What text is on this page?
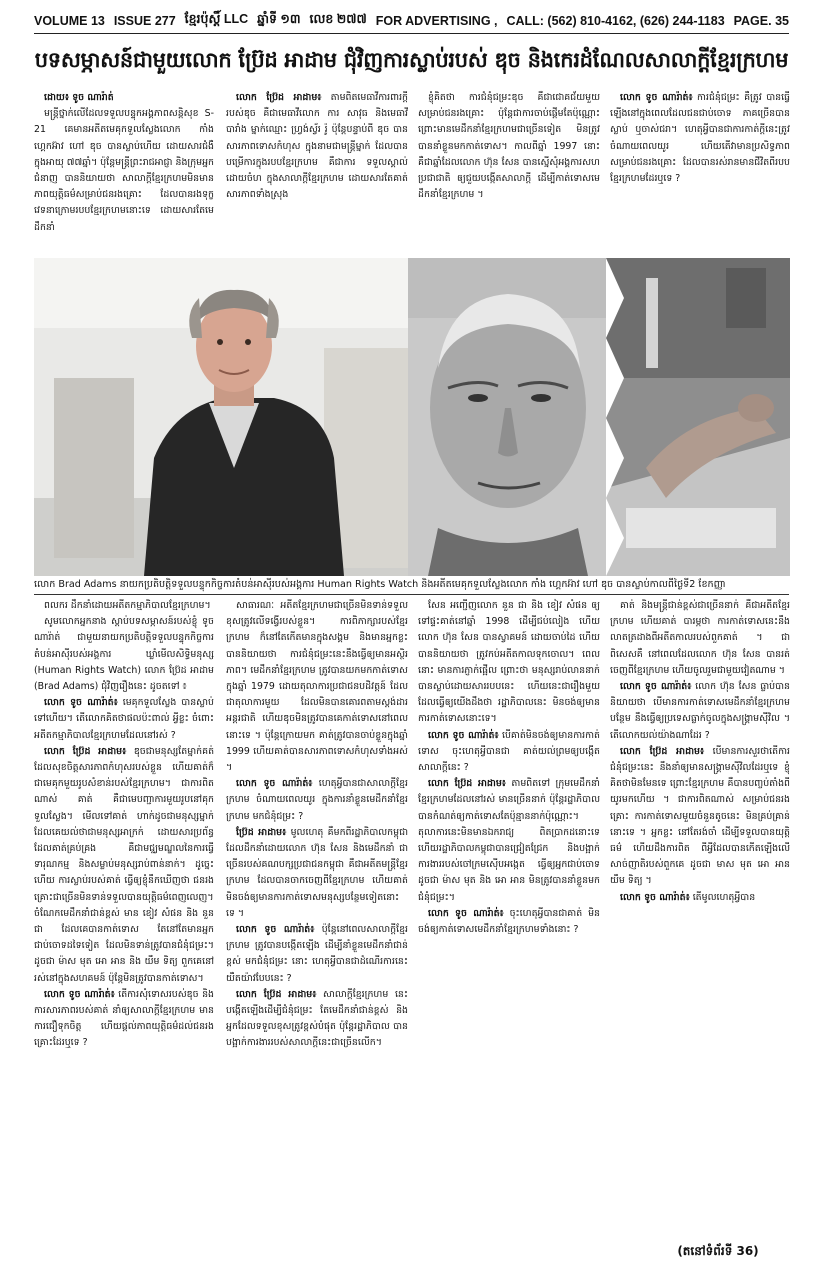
VOLUME 13 ISSUE 277 ខ្មែរប៉ុស្តិ៍ LLC ឆ្នាំទី ១៣ លេខ ២៧៧ FOR ADVERTISING , CALL: (562) 810-4162, (626) 244-1183 PAGE. 35
បទសម្ភាសន៍ជាមួយលោក ប្រ៊ែដ អាដាម ជុំវិញការស្លាប់របស់ ឌុច និងកេរដំណែលសាលាក្តីខ្មែរក្រហម

ដោយ៖ ទូច ណារ៉ាត់

មន្ត្រីថ្នាក់លើដែលទទួលបន្ទុកអង្គភាពសន្តិសុខ S-21 គេមានអតីតមេគុកទួលស្លែងលោក កាំង ហ្គេកអ៊ាវ ហៅ ឌុច បានស្លាប់ហើយ ដោយសារជំងឺ ក្នុងអាយុ ៧៧ឆ្នាំ។ ប៉ុន្តែមន្ត្រីព្រះរាជអាជ្ញា និងក្រុមអ្នកជំនាញ បាននិយាយថា សាលាក្តីខ្មែរក្រហមមិនមានភាពយុត្តិធម៌សម្រាប់ជនរងគ្រោះ ដែលបានរងទុក្ខវេទនាក្រោមរបបខ្មែរក្រហមនោះទេ ដោយសារតែមេដឹកនាំ

លោក ប្រ៊ែដ អាដាម៖ តាមពិតមេធាវីការពារក្តីរបស់ឌុច គឺជាមេធាវីលោក ការ សាវុធ និងមេធាវីបារាំង ម្នាក់ឈ្មោះ ហ្វ្រង់ស្វ័រ រ៉ូ ប៉ុន្តែបន្ទាប់ពី ឌុច បានសារភាពទោសកំហុស ក្នុងនាមជាមន្ត្រីម្នាក់ ដែលបានបម្រើការក្នុងរបបខ្មែរក្រហម គឺជាការ ទទួលស្គាល់ដោយចំហ ក្នុងសាលាក្តីខ្មែរក្រហម ដោយសារតែគាត់សារភាពទាំងស្រុង

ខ្ញុំគិតថា ការជំនុំជម្រះឌុច គឺជាជោគជ័យមួយសម្រាប់ជនរងគ្រោះ ប៉ុន្តែជាការចាប់ផ្តើមតែប៉ុណ្ណោះ ព្រោះមានមេដឹកនាំខ្មែរក្រហមជាច្រើនទៀត មិនត្រូវបាននាំខ្លួនមកកាត់ទោស។ កាលពីឆ្នាំ 1997 នោះ គឺជាឆ្នាំដែលលោក ហ៊ុន សែន បានស្នើសុំអង្គការសហប្រជាជាតិ ឲ្យជួយបង្កើតសាលាក្តី ដើម្បីកាត់ទោសមេដឹកនាំខ្មែរក្រហម ។

លោក ទូច ណារ៉ាត់៖ ការជំនុំជម្រះ គឺត្រូវ បានធ្វើឡើងនៅក្នុងពេលដែលជនជាប់ចោទ ភាគច្រើនបានស្លាប់ ឬចាស់ជរា។ ហេតុអ្វីបានជាការកាត់ក្តីនេះត្រូវចំណាយពេលយូរ ហើយតើវាមានប្រសិទ្ធភាពសម្រាប់ជនរងគ្រោះ ដែលបានរស់រានមានជីវិតពីរបបខ្មែរក្រហមដែរឬទេ ?

លោក Brad Adams នាយកប្រតិបត្តិទទួលបន្ទុកកិច្ចការតំបន់អាស៊ីរបស់អង្គការ Human Rights Watch និងអតីតមេគុកទួលស្លែងលោក កាំង ហ្គេកអ៊ាវ ហៅ ឌុច បានស្លាប់កាលពីថ្ងៃទី2 ខែកញ្ញា

ពលករ ដឹកនាំដោយអតីតកម្មាភិបាលខ្មែរក្រហម។

សូមលោកអ្នកនាង ស្តាប់បទសម្ភាសន៍របស់ខ្ញុំ ទូច ណារ៉ាត់ ជាមួយនាយកប្រតិបត្តិទទួលបន្ទុកកិច្ចការតំបន់អាស៊ីរបស់អង្គការ ឃ្លាំមើលសិទ្ធិមនុស្ស (Human Rights Watch) លោក ប្រ៊ែដ អាដាម (Brad Adams) ជុំវិញរឿងនេះ ដូចតទៅ ៖

លោក ទូច ណារ៉ាត់៖ មេគុកទួលស្លែង បានស្លាប់ទៅហើយ។ តើលោកគិតថាផលប៉ះពាល់ អ្វីខ្លះ ចំពោះអតីតកម្មាភិបាលខ្មែរក្រហមដែលនៅរស់ ?

លោក ប្រ៊ែដ អាដាម៖ ឌុចជាមនុស្សតែម្នាក់គត់ ដែលសុខចិត្តសារភាពកំហុសរបស់ខ្លួន ហើយគាត់ក៏ជាមេគុកមួយរូបសំខាន់របស់ខ្មែរក្រហម។ ជាការពិតណាស់ គាត់ គឺជាមេបញ្ជាការមួយរូបនៅគុកទួលស្លែង។ មើលទៅគាត់ ហាក់ដូចជាមនុស្សម្នាក់ ដែលគេយល់ថាជាមនុស្សអាក្រក់ ដោយសារប្រព័ន្ធ ដែលគាត់គ្រប់គ្រង គឺជាមជ្ឈមណ្ឌលនៃការធ្វើទារុណកម្ម និងសម្លាប់មនុស្សរាប់ពាន់នាក់។ ដូច្នេះហើយ ការស្លាប់របស់គាត់ ធ្វើឲ្យខ្ញុំនឹកឃើញថា ជនរងគ្រោះជាច្រើនមិនទាន់ទទួលបានយុត្តិធម៌ពេញលេញ។ ចំណែកមេដឹកនាំជាន់ខ្ពស់ មាន ខៀវ សំផន និង នួន ជា ដែលគេបានកាត់ទោស តែនៅតែមានអ្នកជាប់ចោទដទៃទៀត ដែលមិនទាន់ត្រូវបានជំនុំជម្រះ។ ដូចជា ម៉ាស មុត អោ អាន និង យឹម ទិត្យ ពួកគេនៅរស់នៅក្នុងសហគមន៍ ប៉ុន្តែមិនត្រូវបានកាត់ទោស។

លោក ទូច ណារ៉ាត់៖ តើការសុំទោសរបស់ឌុច និងការសារភាពរបស់គាត់ នាំឲ្យសាលាក្តីខ្មែរក្រហម មានការជឿទុកចិត្ត ហើយផ្តល់ភាពយុត្តិធម៌ដល់ជនរងគ្រោះដែរឬទេ ?

សាធារណៈ អតីតខ្មែរក្រហមជាច្រើនមិនទាន់ទទួលខុសត្រូវលើទង្វើរបស់ខ្លួន។ ការពិភាក្សារបស់ខ្មែរក្រហម ក៏នៅតែកើតមានក្នុងសង្គម និងមានអ្នកខ្លះ បាននិយាយថា ការជំនុំជម្រះនេះនឹងធ្វើឲ្យមានអស្ថិរភាព។ មេដឹកនាំខ្មែរក្រហម ត្រូវបានយកមកកាត់ទោស ក្នុងឆ្នាំ 1979 ដោយតុលាការប្រជាជនបដិវត្តន៍ ដែលជាតុលាការមួយ ដែលមិនបានគោរពតាមស្តង់ដារអន្តរជាតិ ហើយឌុចមិនត្រូវបានគេកាត់ទោសនៅពេលនោះទេ ។ ប៉ុន្តែក្រោយមក គាត់ត្រូវបានចាប់ខ្លួនក្នុងឆ្នាំ 1999 ហើយគាត់បានសារភាពទោសកំហុសទាំងអស់ ។

លោក ទូច ណារ៉ាត់៖ ហេតុអ្វីបានជាសាលាក្តីខ្មែរក្រហម ចំណាយពេលយូរ ក្នុងការនាំខ្លួនមេដឹកនាំខ្មែរក្រហម មកជំនុំជម្រះ ?

ប្រ៊ែដ អាដាម៖ មូលហេតុ គឺមកពីរដ្ឋាភិបាលកម្ពុជាដែលដឹកនាំដោយលោក ហ៊ុន សែន និងមេដឹកនាំ ជាច្រើនរបស់គណបក្សប្រជាជនកម្ពុជា គឺជាអតីតមន្ត្រីខ្មែរក្រហម ដែលបានចាកចេញពីខ្មែរក្រហម ហើយគាត់មិនចង់ឲ្យមានការកាត់ទោសមនុស្សបន្ថែមទៀតនោះទេ ។

លោក ទូច ណារ៉ាត់៖ ប៉ុន្តែនៅពេលសាលាក្តីខ្មែរក្រហម ត្រូវបានបង្កើតឡើង ដើម្បីនាំខ្លួនមេដឹកនាំជាន់ខ្ពស់ មកជំនុំជម្រះ នោះ ហេតុអ្វីបានជាដំណើរការនេះ យឺតយ៉ាវបែបនេះ ?

លោក ប្រ៊ែដ អាដាម៖ សាលាក្តីខ្មែរក្រហម នេះ បង្កើតឡើងដើម្បីជំនុំជម្រះ តែមេដឹកនាំជាន់ខ្ពស់ និងអ្នកដែលទទួលខុសត្រូវខ្ពស់បំផុត ប៉ុន្តែរដ្ឋាភិបាល បានបង្អាក់ការងាររបស់សាលាក្តីនេះជាច្រើនលើក។

សែន អញ្ជើញលោក នួន ជា និង ខៀវ សំផន ឲ្យទៅផ្ទះគាត់នៅឆ្នាំ 1998 ដើម្បីជប់លៀង ហើយលោក ហ៊ុន សែន បានស្វាគមន៍ ដោយចាប់ដៃ ហើយបាននិយាយថា ត្រូវកប់អតីតកាលទុកចោល។ ពេលនោះ មានការភ្ញាក់ផ្អើល ព្រោះថា មនុស្សរាប់លាននាក់ បានស្លាប់ដោយសាររបបនេះ ហើយនេះជារឿងមួយ ដែលធ្វើឲ្យយើងដឹងថា រដ្ឋាភិបាលនេះ មិនចង់ឲ្យមានការកាត់ទោសនោះទេ។

លោក ទូច ណារ៉ាត់៖ បើគាត់មិនចង់ឲ្យមានការកាត់ទោស ចុះហេតុអ្វីបានជា គាត់យល់ព្រមឲ្យបង្កើតសាលាក្តីនេះ ?

លោក ប្រ៊ែដ អាដាម៖ តាមពិតទៅ ក្រុមមេដឹកនាំខ្មែរក្រហមដែលនៅរស់ មានច្រើននាក់ ប៉ុន្តែរដ្ឋាភិបាល បានកំណត់ឲ្យកាត់ទោសតែប៉ុន្មាននាក់ប៉ុណ្ណោះ។ តុលាការនេះមិនមានឯករាជ្យ ពិតប្រាកដនោះទេ ហើយរដ្ឋាភិបាលកម្ពុជាបានជ្រៀតជ្រែក និងបង្អាក់ ការងាររបស់ចៅក្រមស៊ើបអង្កេត ធ្វើឲ្យអ្នកជាប់ចោទដូចជា ម៉ាស មុត និង អោ អាន មិនត្រូវបាននាំខ្លួនមកជំនុំជម្រះ។

លោក ទូច ណារ៉ាត់៖ ចុះហេតុអ្វីបានជាគាត់ មិនចង់ឲ្យកាត់ទោសមេដឹកនាំខ្មែរក្រហមទាំងនោះ ?

គាត់ និងមន្ត្រីជាន់ខ្ពស់ជាច្រើននាក់ គឺជាអតីតខ្មែរក្រហម ហើយគាត់ បារម្ភថា ការកាត់ទោសនេះនឹងលាតត្រដាងពីអតីតកាលរបស់ពួកគាត់ ។ ជាពិសេសគឺ នៅពេលដែលលោក ហ៊ុន សែន បានរត់ចេញពីខ្មែរក្រហម ហើយចូលរួមជាមួយវៀតណាម ។

លោក ទូច ណារ៉ាត់៖ លោក ហ៊ុន សែន ធ្លាប់បាននិយាយថា បើមានការកាត់ទោសមេដឹកនាំខ្មែរក្រហមបន្ថែម នឹងធ្វើឲ្យប្រទេសធ្លាក់ចូលក្នុងសង្គ្រាមស៊ីវិល ។ តើលោកយល់យ៉ាងណាដែរ ?

លោក ប្រ៊ែដ អាដាម៖ បើមានការសួរថាតើការជំនុំជម្រះនេះ នឹងនាំឲ្យមានសង្គ្រាមស៊ីវិលដែរឬទេ ខ្ញុំគិតថាមិនមែនទេ ព្រោះខ្មែរក្រហម គឺបានបញ្ចប់តាំងពីយូរមកហើយ ។ ជាការពិតណាស់ សម្រាប់ជនរងគ្រោះ ការកាត់ទោសមួយចំនួនតូចនេះ មិនគ្រប់គ្រាន់នោះទេ ។ អ្នកខ្លះ នៅតែរង់ចាំ ដើម្បីទទួលបានយុត្តិធម៌ ហើយដឹងការពិត ពីអ្វីដែលបានកើតឡើងលើសាច់ញាតិរបស់ពួកគេ ដូចជា មាស មុត អោ អាន យឹម ទិត្យ ។

លោក ទូច ណារ៉ាត់៖ តើមូលហេតុអ្វីបាន

(តនៅទំព័រទី 36)
